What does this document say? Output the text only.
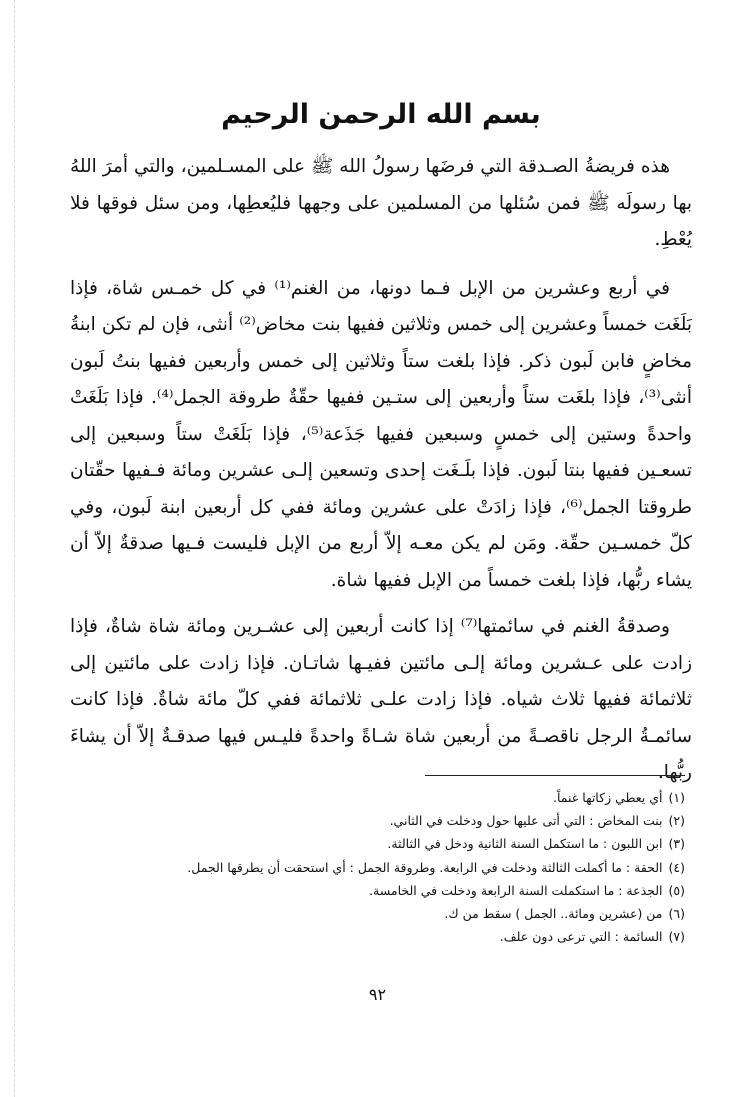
بسم الله الرحمن الرحيم

هذه فريضةُ الصـدقة التي فرضَها رسولُ الله ﷺ على المسـلمين، والتي أمرَ اللهُ بها رسولَه ﷺ فمن سُئلها من المسلمين على وجهها فليُعطِها، ومن سئل فوقها فلا يُعْطِ.

في أربع وعشرين من الإبل فـما دونها، من الغنم⁽¹⁾ في كل خمـس شاة، فإذا بَلَغَت خمساً وعشرين إلى خمس وثلاثين ففيها بنت مخاض⁽²⁾ أنثى، فإن لم تكن ابنةُ مخاضٍ فابن لَبون ذكر. فإذا بلغت ستاً وثلاثين إلى خمس وأربعين ففيها بنتُ لَبون أنثى⁽³⁾، فإذا بلغَت ستاً وأربعين إلى ستـين ففيها حقّةٌ طروقة الجمل⁽⁴⁾. فإذا بَلَغَتْ واحدةً وستين إلى خمسٍ وسبعين ففيها جَذَعة⁽⁵⁾، فإذا بَلَغَتْ ستاً وسبعين إلى تسعـين ففيها بنتا لَبون. فإذا بلَـغَت إحدى وتسعين إلـى عشرين ومائة فـفيها حقّتان طروقتا الجمل⁽⁶⁾، فإذا زادَتْ على عشرين ومائة ففي كل أربعين ابنة لَبون، وفي كلّ خمسـين حقّة. ومَن لم يكن معـه إلاّ أربع من الإبل فليست فـيها صدقةٌ إلاّ أن يشاء ربُّها، فإذا بلغت خمساً من الإبل ففيها شاة.

وصدقةُ الغنم في سائمتها⁽⁷⁾ إذا كانت أربعين إلى عشـرين ومائة شاة شاةٌ، فإذا زادت على عـشرين ومائة إلـى مائتين ففيـها شاتـان. فإذا زادت على مائتين إلى ثلاثمائة ففيها ثلاث شياه. فإذا زادت علـى ثلاثمائة ففي كلّ مائة شاةٌ. فإذا كانت سائمـةُ الرجل ناقصـةً من أربعين شاة شـاةً واحدةً فليـس فيها صدقـةٌ إلاّ أن يشاءَ ربُّها.

(١)أي يعطي زكاتها غنماً.
(٢)بنت المخاض : التي أتى عليها حول ودخلت في الثاني.
(٣)ابن اللبون : ما استكمل السنة الثانية ودخل في الثالثة.
(٤)الحقة : ما أكملت الثالثة ودخلت في الرابعة. وطروقة الجمل : أي استحقت أن يطرقها الجمل.
(٥)الجذعة : ما استكملت السنة الرابعة ودخلت في الخامسة.
(٦)من (عشرين ومائة.. الجمل ) سقط من ك.
(٧)السائمة : التي ترعى دون علف.
٩٢
